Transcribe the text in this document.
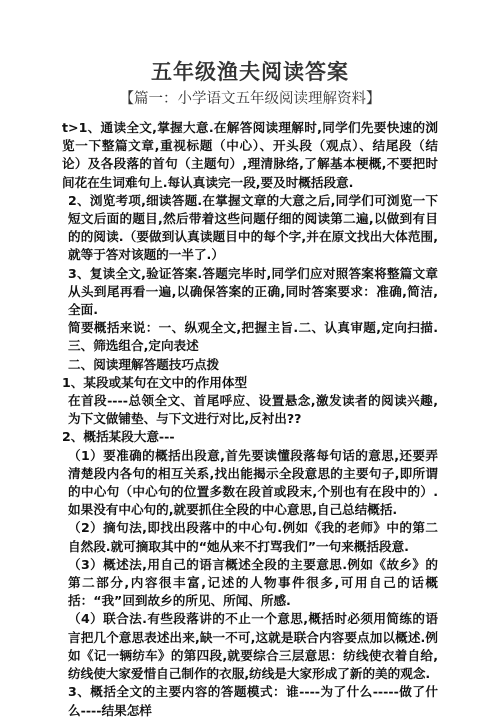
五年级渔夫阅读答案
【篇一：小学语文五年级阅读理解资料】

t>1、通读全文,掌握大意.在解答阅读理解时,同学们先要快速的浏览一下整篇文章,重视标题（中心）、开头段（观点）、结尾段（结论）及各段落的首句（主题句）,理清脉络,了解基本梗概,不要把时间花在生词难句上.每认真读完一段,要及时概括段意.

2、浏览考项,细读答题.在掌握文章的大意之后,同学们可浏览一下短文后面的题目,然后带着这些问题仔细的阅读第二遍,以做到有目的的阅读.（要做到认真读题目中的每个字,并在原文找出大体范围,就等于答对该题的一半了.）

3、复读全文,验证答案.答题完毕时,同学们应对照答案将整篇文章从头到尾再看一遍,以确保答案的正确,同时答案要求：准确,简洁,全面.

简要概括来说：一、纵观全文,把握主旨.二、认真审题,定向扫描.三、筛选组合,定向表述

二、阅读理解答题技巧点拨

1、某段或某句在文中的作用体型

在首段----总领全文、首尾呼应、设置悬念,激发读者的阅读兴趣,为下文做铺垫、与下文进行对比,反衬出??

2、概括某段大意---

（1）要准确的概括出段意,首先要读懂段落每句话的意思,还要弄清楚段内各句的相互关系,找出能揭示全段意思的主要句子,即所谓的中心句（中心句的位置多数在段首或段末,个别也有在段中的）.如果没有中心句的,就要抓住全段的中心意思,自己总结概括.

（2）摘句法,即找出段落中的中心句.例如《我的老师》中的第二自然段.就可摘取其中的“她从来不打骂我们”一句来概括段意.

（3）概述法,用自己的语言概述全段的主要意思.例如《故乡》的第二部分,内容很丰富,记述的人物事件很多,可用自己的话概括：“我”回到故乡的所见、所闻、所感.

（4）联合法.有些段落讲的不止一个意思,概括时必须用简练的语言把几个意思表述出来,缺一不可,这就是联合内容要点加以概述.例如《记一辆纺车》的第四段,就要综合三层意思：纺线使衣着自给,纺线使大家爱惜自己制作的衣服,纺线是大家形成了新的美的观念.

3、概括全文的主要内容的答题模式：谁----为了什么-----做了什么----结果怎样
